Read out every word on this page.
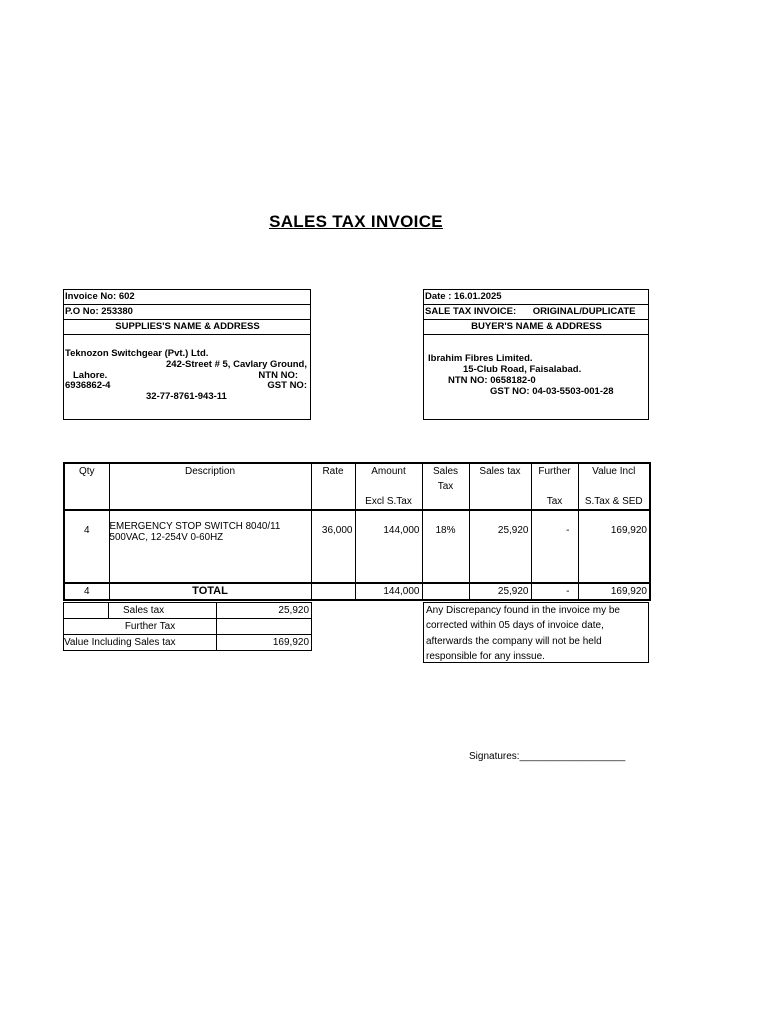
SALES TAX INVOICE
Invoice No: 602
P.O No: 253380
SUPPLIES'S NAME & ADDRESS
Teknozon Switchgear (Pvt.) Ltd.
242-Street # 5, Cavlary Ground,
NTN NO:
Lahore.
6936862-4	GST NO:
32-77-8761-943-11
Date : 16.01.2025
SALE TAX INVOICE: ORIGINAL/DUPLICATE
BUYER'S NAME & ADDRESS
Ibrahim Fibres Limited.
15-Club Road, Faisalabad.
NTN NO: 0658182-0
GST NO: 04-03-5503-001-28
Qty	Description	Rate	Amount	Sales Tax	Sales tax	Further	Value Incl
			Excl S.Tax			Tax	S.Tax & SED
4	EMERGENCY STOP SWITCH 8040/11
500VAC, 12-254V 0-60HZ	36,000	144,000	18%	25,920	-	169,920
4	TOTAL		144,000		25,920	-	169,920
	Sales tax	25,920
Further Tax		
Value Including Sales tax		169,920
Any Discrepancy found in the invoice my be
corrected within 05 days of invoice date,
afterwards the company will not be held
responsible for any inssue.
Signatures:___________________
